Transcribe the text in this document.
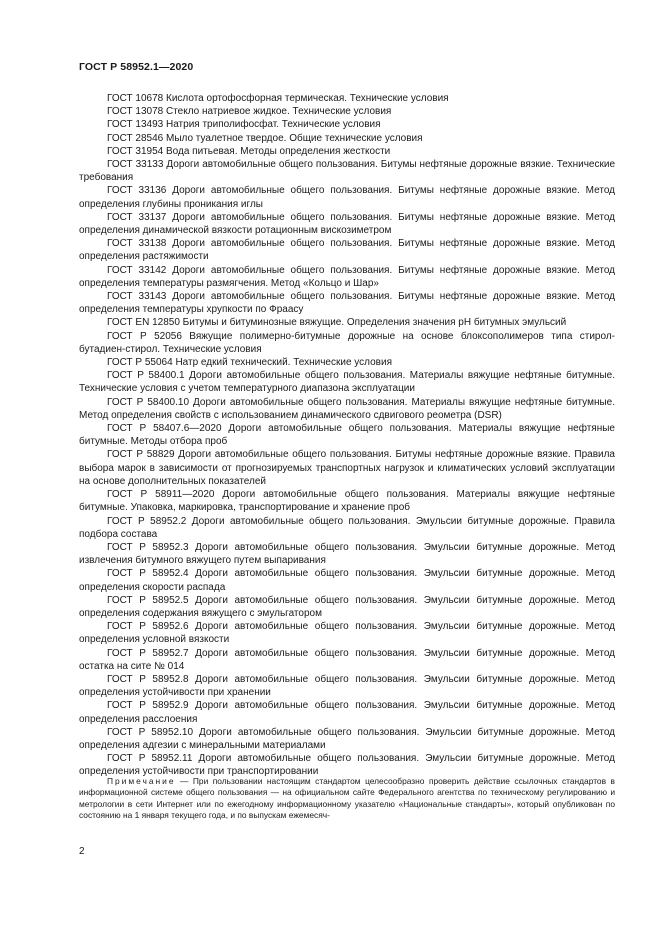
ГОСТ Р 58952.1—2020

ГОСТ 10678 Кислота ортофосфорная термическая. Технические условия

ГОСТ 13078 Стекло натриевое жидкое. Технические условия

ГОСТ 13493 Натрия триполифосфат. Технические условия

ГОСТ 28546 Мыло туалетное твердое. Общие технические условия

ГОСТ 31954 Вода питьевая. Методы определения жесткости

ГОСТ 33133 Дороги автомобильные общего пользования. Битумы нефтяные дорожные вязкие. Технические требования

ГОСТ 33136 Дороги автомобильные общего пользования. Битумы нефтяные дорожные вязкие. Метод определения глубины проникания иглы

ГОСТ 33137 Дороги автомобильные общего пользования. Битумы нефтяные дорожные вязкие. Метод определения динамической вязкости ротационным вискозиметром

ГОСТ 33138 Дороги автомобильные общего пользования. Битумы нефтяные дорожные вязкие. Метод определения растяжимости

ГОСТ 33142 Дороги автомобильные общего пользования. Битумы нефтяные дорожные вязкие. Метод определения температуры размягчения. Метод «Кольцо и Шар»

ГОСТ 33143 Дороги автомобильные общего пользования. Битумы нефтяные дорожные вязкие. Метод определения температуры хрупкости по Фраасу

ГОСТ EN 12850 Битумы и битуминозные вяжущие. Определения значения pH битумных эмульсий

ГОСТ Р 52056 Вяжущие полимерно-битумные дорожные на основе блоксополимеров типа стирол-бутадиен-стирол. Технические условия

ГОСТ Р 55064 Натр едкий технический. Технические условия

ГОСТ Р 58400.1 Дороги автомобильные общего пользования. Материалы вяжущие нефтяные битумные. Технические условия с учетом температурного диапазона эксплуатации

ГОСТ Р 58400.10 Дороги автомобильные общего пользования. Материалы вяжущие нефтяные битумные. Метод определения свойств с использованием динамического сдвигового реометра (DSR)

ГОСТ Р 58407.6—2020 Дороги автомобильные общего пользования. Материалы вяжущие нефтяные битумные. Методы отбора проб

ГОСТ Р 58829 Дороги автомобильные общего пользования. Битумы нефтяные дорожные вязкие. Правила выбора марок в зависимости от прогнозируемых транспортных нагрузок и климатических условий эксплуатации на основе дополнительных показателей

ГОСТ Р 58911—2020 Дороги автомобильные общего пользования. Материалы вяжущие нефтяные битумные. Упаковка, маркировка, транспортирование и хранение проб

ГОСТ Р 58952.2 Дороги автомобильные общего пользования. Эмульсии битумные дорожные. Правила подбора состава

ГОСТ Р 58952.3 Дороги автомобильные общего пользования. Эмульсии битумные дорожные. Метод извлечения битумного вяжущего путем выпаривания

ГОСТ Р 58952.4 Дороги автомобильные общего пользования. Эмульсии битумные дорожные. Метод определения скорости распада

ГОСТ Р 58952.5 Дороги автомобильные общего пользования. Эмульсии битумные дорожные. Метод определения содержания вяжущего с эмульгатором

ГОСТ Р 58952.6 Дороги автомобильные общего пользования. Эмульсии битумные дорожные. Метод определения условной вязкости

ГОСТ Р 58952.7 Дороги автомобильные общего пользования. Эмульсии битумные дорожные. Метод остатка на сите № 014

ГОСТ Р 58952.8 Дороги автомобильные общего пользования. Эмульсии битумные дорожные. Метод определения устойчивости при хранении

ГОСТ Р 58952.9 Дороги автомобильные общего пользования. Эмульсии битумные дорожные. Метод определения расслоения

ГОСТ Р 58952.10 Дороги автомобильные общего пользования. Эмульсии битумные дорожные. Метод определения адгезии с минеральными материалами

ГОСТ Р 58952.11 Дороги автомобильные общего пользования. Эмульсии битумные дорожные. Метод определения устойчивости при транспортировании

Примечание — При пользовании настоящим стандартом целесообразно проверить действие ссылочных стандартов в информационной системе общего пользования — на официальном сайте Федерального агентства по техническому регулированию и метрологии в сети Интернет или по ежегодному информационному указателю «Национальные стандарты», который опубликован по состоянию на 1 января текущего года, и по выпускам ежемесяч-

2
